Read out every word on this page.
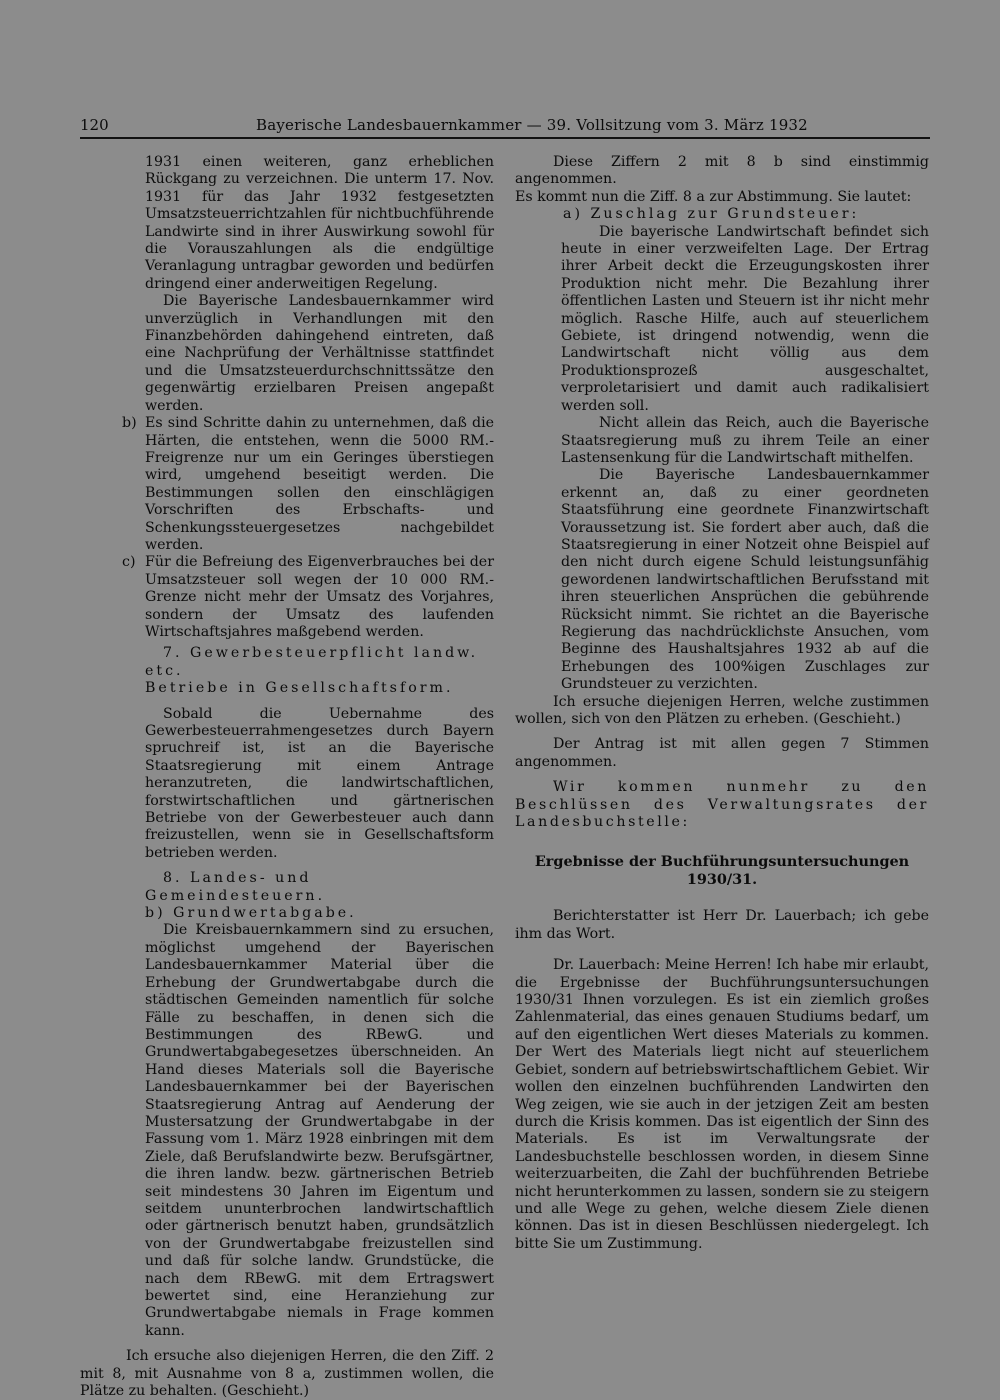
120	Bayerische Landesbauernkammer — 39. Vollsitzung vom 3. März 1932

1931 einen weiteren, ganz erheblichen Rückgang zu verzeichnen. Die unterm 17. Nov. 1931 für das Jahr 1932 festgesetzten Umsatzsteuerrichtzahlen für nichtbuchführende Landwirte sind in ihrer Auswirkung sowohl für die Vorauszahlungen als die endgültige Veranlagung untragbar geworden und bedürfen dringend einer anderweitigen Regelung.

Die Bayerische Landesbauernkammer wird unverzüglich in Verhandlungen mit den Finanzbehörden dahingehend eintreten, daß eine Nachprüfung der Verhältnisse stattfindet und die Umsatzsteuerdurchschnittssätze den gegenwärtig erzielbaren Preisen angepaßt werden.

b) Es sind Schritte dahin zu unternehmen, daß die Härten, die entstehen, wenn die 5000 RM.-Freigrenze nur um ein Geringes überstiegen wird, umgehend beseitigt werden. Die Bestimmungen sollen den einschlägigen Vorschriften des Erbschafts- und Schenkungssteuergesetzes nachgebildet werden.
c) Für die Befreiung des Eigenverbrauches bei der Umsatzsteuer soll wegen der 10 000 RM.-Grenze nicht mehr der Umsatz des Vorjahres, sondern der Umsatz des laufenden Wirtschaftsjahres maßgebend werden.

7. Gewerbesteuerpflicht landw. etc.

Betriebe in Gesellschaftsform.

Sobald die Uebernahme des Gewerbesteuerrahmengesetzes durch Bayern spruchreif ist, ist an die Bayerische Staatsregierung mit einem Antrage heranzutreten, die landwirtschaftlichen, forstwirtschaftlichen und gärtnerischen Betriebe von der Gewerbesteuer auch dann freizustellen, wenn sie in Gesellschaftsform betrieben werden.

8. Landes- und Gemeindesteuern.

b) Grundwertabgabe.

Die Kreisbauernkammern sind zu ersuchen, möglichst umgehend der Bayerischen Landesbauernkammer Material über die Erhebung der Grundwertabgabe durch die städtischen Gemeinden namentlich für solche Fälle zu beschaffen, in denen sich die Bestimmungen des RBewG. und Grundwertabgabegesetzes überschneiden. An Hand dieses Materials soll die Bayerische Landesbauernkammer bei der Bayerischen Staatsregierung Antrag auf Aenderung der Mustersatzung der Grundwertabgabe in der Fassung vom 1. März 1928 einbringen mit dem Ziele, daß Berufslandwirte bezw. Berufsgärtner, die ihren landw. bezw. gärtnerischen Betrieb seit mindestens 30 Jahren im Eigentum und seitdem ununterbrochen landwirtschaftlich oder gärtnerisch benutzt haben, grundsätzlich von der Grundwertabgabe freizustellen sind und daß für solche landw. Grundstücke, die nach dem RBewG. mit dem Ertragswert bewertet sind, eine Heranziehung zur Grundwertabgabe niemals in Frage kommen kann.

Ich ersuche also diejenigen Herren, die den Ziff. 2 mit 8, mit Ausnahme von 8 a, zustimmen wollen, die Plätze zu behalten. (Geschieht.)

Diese Ziffern 2 mit 8 b sind einstimmig angenommen.

Es kommt nun die Ziff. 8 a zur Abstimmung. Sie lautet:

a) Zuschlag zur Grundsteuer:

Die bayerische Landwirtschaft befindet sich heute in einer verzweifelten Lage. Der Ertrag ihrer Arbeit deckt die Erzeugungskosten ihrer Produktion nicht mehr. Die Bezahlung ihrer öffentlichen Lasten und Steuern ist ihr nicht mehr möglich. Rasche Hilfe, auch auf steuerlichem Gebiete, ist dringend notwendig, wenn die Landwirtschaft nicht völlig aus dem Produktionsprozeß ausgeschaltet, verproletarisiert und damit auch radikalisiert werden soll.

Nicht allein das Reich, auch die Bayerische Staatsregierung muß zu ihrem Teile an einer Lastensenkung für die Landwirtschaft mithelfen.

Die Bayerische Landesbauernkammer erkennt an, daß zu einer geordneten Staatsführung eine geordnete Finanzwirtschaft Voraussetzung ist. Sie fordert aber auch, daß die Staatsregierung in einer Notzeit ohne Beispiel auf den nicht durch eigene Schuld leistungsunfähig gewordenen landwirtschaftlichen Berufsstand mit ihren steuerlichen Ansprüchen die gebührende Rücksicht nimmt. Sie richtet an die Bayerische Regierung das nachdrücklichste Ansuchen, vom Beginne des Haushaltsjahres 1932 ab auf die Erhebungen des 100%igen Zuschlages zur Grundsteuer zu verzichten.

Ich ersuche diejenigen Herren, welche zustimmen wollen, sich von den Plätzen zu erheben. (Geschieht.)

Der Antrag ist mit allen gegen 7 Stimmen angenommen.

Wir kommen nunmehr zu den Beschlüssen des Verwaltungsrates der Landesbuchstelle:

Ergebnisse der Buchführungsuntersuchungen
1930/31.

Berichterstatter ist Herr Dr. Lauerbach; ich gebe ihm das Wort.

Dr. Lauerbach: Meine Herren! Ich habe mir erlaubt, die Ergebnisse der Buchführungsuntersuchungen 1930/31 Ihnen vorzulegen. Es ist ein ziemlich großes Zahlenmaterial, das eines genauen Studiums bedarf, um auf den eigentlichen Wert dieses Materials zu kommen. Der Wert des Materials liegt nicht auf steuerlichem Gebiet, sondern auf betriebswirtschaftlichem Gebiet. Wir wollen den einzelnen buchführenden Landwirten den Weg zeigen, wie sie auch in der jetzigen Zeit am besten durch die Krisis kommen. Das ist eigentlich der Sinn des Materials. Es ist im Verwaltungsrate der Landesbuchstelle beschlossen worden, in diesem Sinne weiterzuarbeiten, die Zahl der buchführenden Betriebe nicht herunterkommen zu lassen, sondern sie zu steigern und alle Wege zu gehen, welche diesem Ziele dienen können. Das ist in diesen Beschlüssen niedergelegt. Ich bitte Sie um Zustimmung.
